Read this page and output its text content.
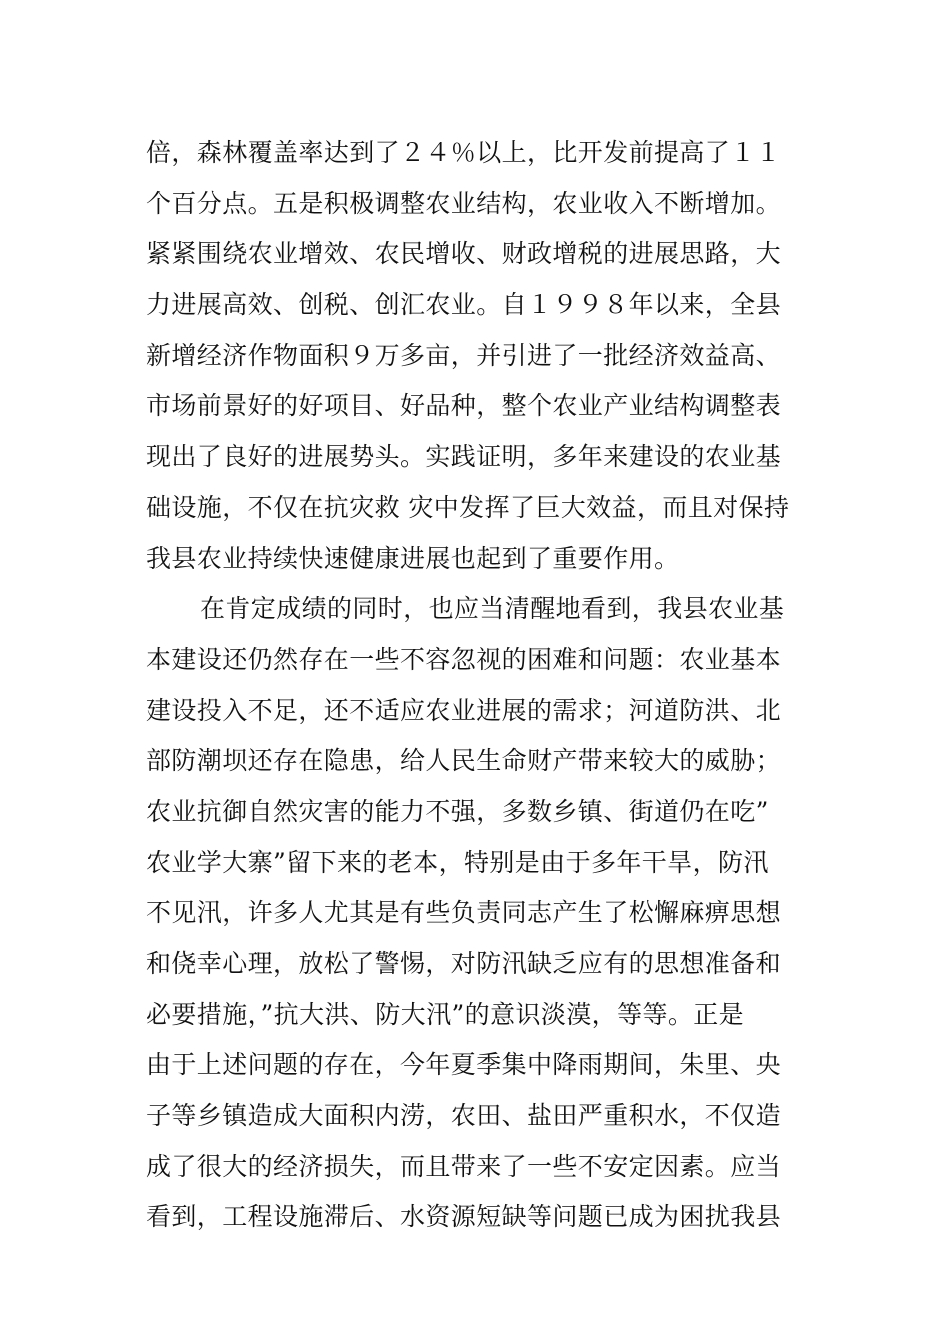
倍，森林覆盖率达到了２４％以上，比开发前提高了１１
个百分点。五是积极调整农业结构，农业收入不断增加。
紧紧围绕农业增效、农民增收、财政增税的进展思路，大
力进展高效、创税、创汇农业。自１９９８年以来，全县
新增经济作物面积９万多亩，并引进了一批经济效益高、
市场前景好的好项目、好品种，整个农业产业结构调整表
现出了良好的进展势头。实践证明，多年来建设的农业基
础设施，不仅在抗灾救 灾中发挥了巨大效益，而且对保持
我县农业持续快速健康进展也起到了重要作用。
在肯定成绩的同时，也应当清醒地看到，我县农业基
本建设还仍然存在一些不容忽视的困难和问题：农业基本
建设投入不足，还不适应农业进展的需求；河道防洪、北
部防潮坝还存在隐患，给人民生命财产带来较大的威胁；
农业抗御自然灾害的能力不强，多数乡镇、街道仍在吃”
农业学大寨”留下来的老本，特别是由于多年干旱，防汛
不见汛，许多人尤其是有些负责同志产生了松懈麻痹思想
和侥幸心理，放松了警惕，对防汛缺乏应有的思想准备和
必要措施，”抗大洪、防大汛”的意识淡漠，等等。正是
由于上述问题的存在，今年夏季集中降雨期间，朱里、央
子等乡镇造成大面积内涝，农田、盐田严重积水，不仅造
成了很大的经济损失，而且带来了一些不安定因素。应当
看到，工程设施滞后、水资源短缺等问题已成为困扰我县
